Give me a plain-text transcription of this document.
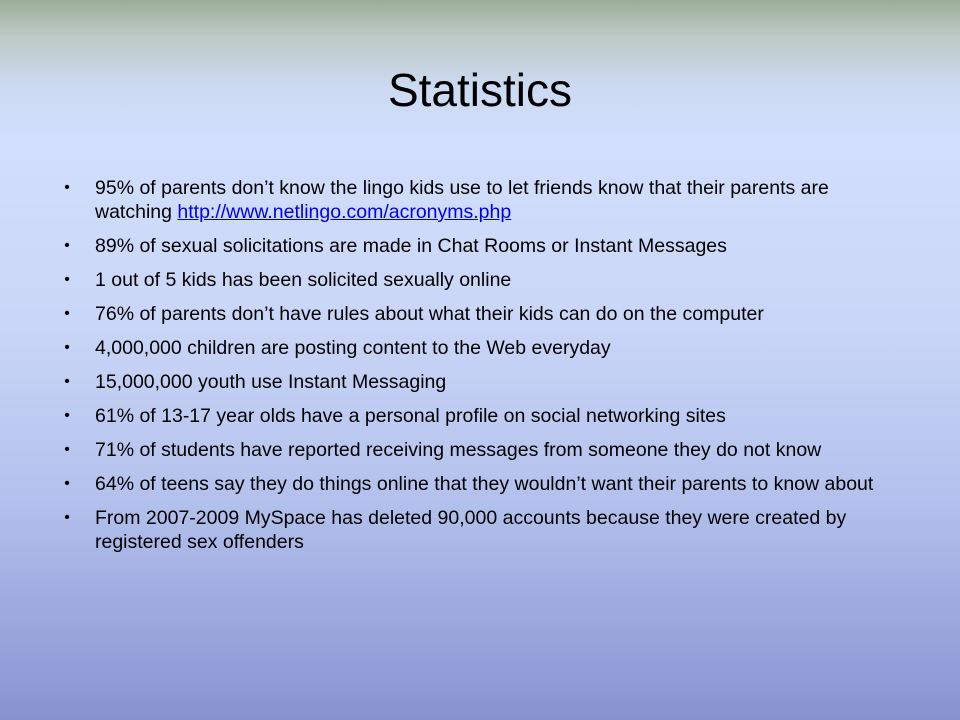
Statistics
• 95% of parents don’t know the lingo kids use to let friends know that their parents are watching http://www.netlingo.com/acronyms.php
• 89% of sexual solicitations are made in Chat Rooms or Instant Messages
• 1 out of 5 kids has been solicited sexually online
• 76% of parents don’t have rules about what their kids can do on the computer
• 4,000,000 children are posting content to the Web everyday
• 15,000,000 youth use Instant Messaging
• 61% of 13-17 year olds have a personal profile on social networking sites
• 71% of students have reported receiving messages from someone they do not know
• 64% of teens say they do things online that they wouldn’t want their parents to know about
• From 2007-2009 MySpace has deleted 90,000 accounts because they were created by registered sex offenders
